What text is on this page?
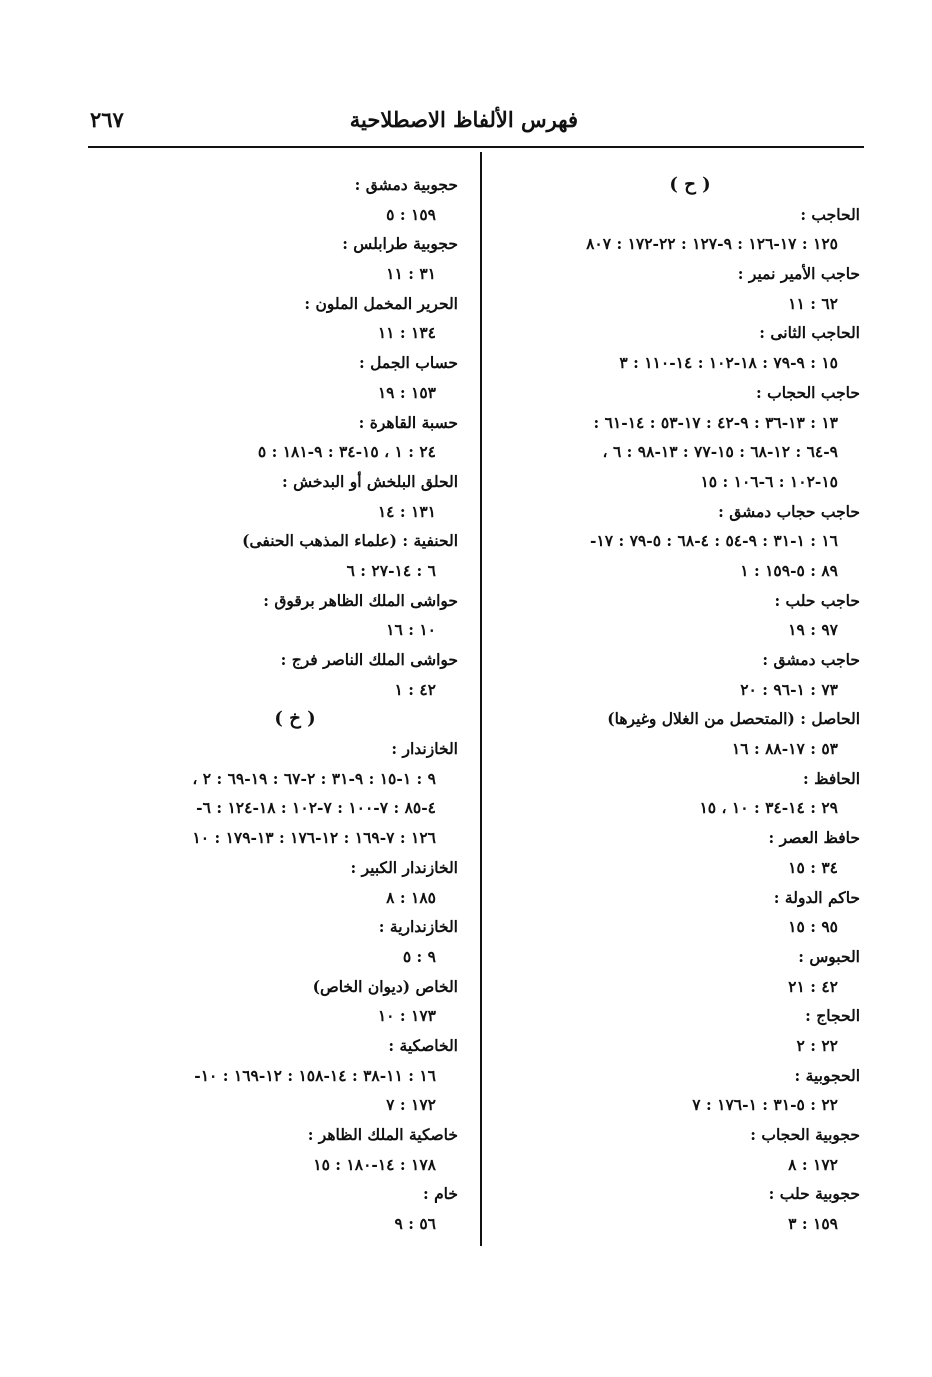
فهرس الألفاظ الاصطلاحية
٢٦٧
( ح )
الحاجب :
١٢٥ : ١٧-١٢٦ : ٩-١٢٧ : ٢٢-١٧٢ : ٨٠٧
حاجب الأمير نمير :
٦٢ : ١١
الحاجب الثانى :
١٥ : ٩-٧٩ : ١٨-١٠٢ : ١٤-١١٠ : ٣
حاجب الحجاب :
١٣ : ١٣-٣٦ : ٩-٤٢ : ١٧-٥٣ : ١٤-٦١ :
٩-٦٤ : ١٢-٦٨ : ١٥-٧٧ : ١٣-٩٨ : ٦ ،
١٥-١٠٢ : ٦-١٠٦ : ١٥
حاجب حجاب دمشق :
١٦ : ١-٣١ : ٩-٥٤ : ٤-٦٨ : ٥-٧٩ : ١٧-
٨٩ : ٥-١٥٩ : ١
حاجب حلب :
٩٧ : ١٩
حاجب دمشق :
٧٣ : ١-٩٦ : ٢٠
الحاصل : (المتحصل من الغلال وغيرها)
٥٣ : ١٧-٨٨ : ١٦
الحافظ :
٢٩ : ١٤-٣٤ : ١٠ ، ١٥
حافظ العصر :
٣٤ : ١٥
حاكم الدولة :
٩٥ : ١٥
الحبوس :
٤٢ : ٢١
الحجاج :
٢٢ : ٢
الحجوبية :
٢٢ : ٥-٣١ : ١-١٧٦ : ٧
حجوبية الحجاب :
١٧٢ : ٨
حجوبية حلب :
١٥٩ : ٣
حجوبية دمشق :
١٥٩ : ٥
حجوبية طرابلس :
٣١ : ١١
الحرير المخمل الملون :
١٣٤ : ١١
حساب الجمل :
١٥٣ : ١٩
حسبة القاهرة :
٢٤ : ١ ، ١٥-٣٤ : ٩-١٨١ : ٥
الحلق البلخش أو البدخش :
١٣١ : ١٤
الحنفية : (علماء المذهب الحنفى)
٦ : ١٤-٢٧ : ٦
حواشى الملك الظاهر برقوق :
١٠ : ١٦
حواشى الملك الناصر فرج :
٤٢ : ١
( خ )
الخازندار :
٩ : ١-١٥ : ٩-٣١ : ٢-٦٧ : ١٩-٦٩ : ٢ ،
٤-٨٥ : ٧-١٠٠ : ٧-١٠٢ : ١٨-١٢٤ : ٦-
١٢٦ : ٧-١٦٩ : ١٢-١٧٦ : ١٣-١٧٩ : ١٠
الخازندار الكبير :
١٨٥ : ٨
الخازندارية :
٩ : ٥
الخاص (ديوان الخاص)
١٧٣ : ١٠
الخاصكية :
١٦ : ١١-٣٨ : ١٤-١٥٨ : ١٢-١٦٩ : ١٠-
١٧٢ : ٧
خاصكية الملك الظاهر :
١٧٨ : ١٤-١٨٠ : ١٥
خام :
٥٦ : ٩
